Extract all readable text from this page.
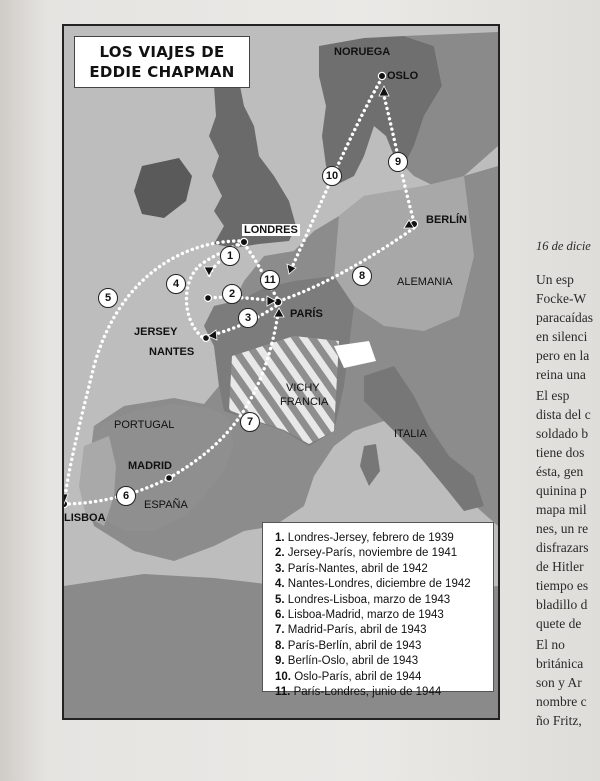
LOS VIAJES DE
EDDIE CHAPMAN
NORUEGA
OSLO
BERLÍN
LONDRES
ALEMANIA
PARÍS
JERSEY
NANTES
VICHY
FRANCIA
PORTUGAL
ITALIA
MADRID
ESPAÑA
LISBOA
1
2
3
4
5
6
7
8
9
10
11
1. Londres-Jersey, febrero de 1939
2. Jersey-París, noviembre de 1941
3. París-Nantes, abril de 1942
4. Nantes-Londres, diciembre de 1942
5. Londres-Lisboa, marzo de 1943
6. Lisboa-Madrid, marzo de 1943
7. Madrid-París, abril de 1943
8. París-Berlín, abril de 1943
9. Berlín-Oslo, abril de 1943
10. Oslo-París, abril de 1944
11. París-Londres, junio de 1944
16 de dicie
Un esp
Focke-W
paracaídas
en silenci
pero en la
reina una
El esp
dista del c
soldado b
tiene dos
ésta, gen
quinina p
mapa mil
nes, un re
disfrazars
de Hitler
tiempo es
bladillo d
quete de
El no
británica
son y Ar
nombre c
ño Fritz,
